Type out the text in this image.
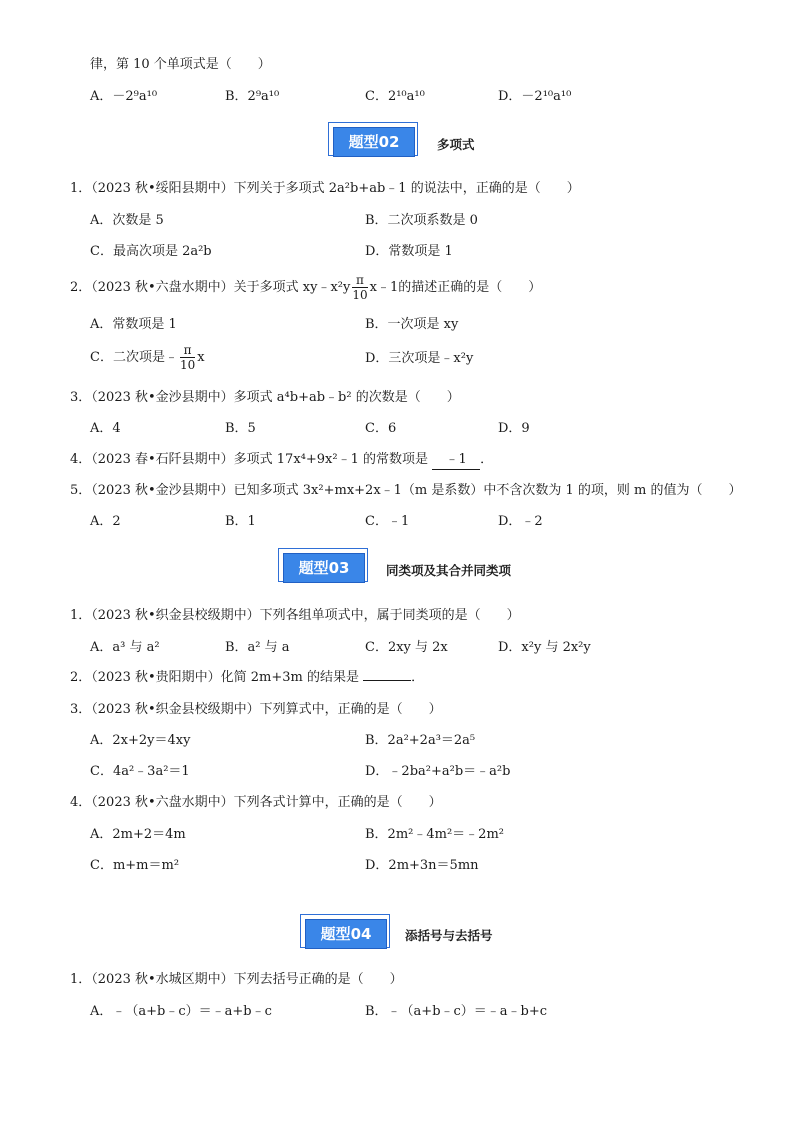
律，第 10 个单项式是（　　）
A．－2⁹a¹⁰	B．2⁹a¹⁰	C．2¹⁰a¹⁰	D．－2¹⁰a¹⁰
题型02	多项式
1．（2023 秋•绥阳县期中）下列关于多项式 2a²b+ab﹣1 的说法中，正确的是（　　）
A．次数是 5	B．二次项系数是 0
C．最高次项是 2a²b	D．常数项是 1
2．（2023 秋•六盘水期中）关于多项式 xy﹣x²y $\frac{\pi}{10}$ x﹣1的描述正确的是（　　）
A．常数项是 1	B．一次项是 xy
C．二次项是﹣ $\frac{\pi}{10}$ x	D．三次项是﹣x²y
3．（2023 秋•金沙县期中）多项式 a⁴b+ab﹣b² 的次数是（　　）
A．4	B．5	C．6	D．9
4．（2023 春•石阡县期中）多项式 17x⁴+9x²﹣1 的常数项是 ﹣1 ．
5．（2023 秋•金沙县期中）已知多项式 3x²+mx+2x﹣1（m 是系数）中不含次数为 1 的项，则 m 的值为（　　）
A．2	B．1	C．﹣1	D．﹣2
题型03	同类项及其合并同类项
1．（2023 秋•织金县校级期中）下列各组单项式中，属于同类项的是（　　）
A．a³ 与 a²	B．a² 与 a	C．2xy 与 2x	D．x²y 与 2x²y
2．（2023 秋•贵阳期中）化简 2m+3m 的结果是	．
3．（2023 秋•织金县校级期中）下列算式中，正确的是（　　）
A．2x+2y＝4xy	B．2a²+2a³＝2a⁵
C．4a²﹣3a²＝1	D．﹣2ba²+a²b＝﹣a²b
4．（2023 秋•六盘水期中）下列各式计算中，正确的是（　　）
A．2m+2＝4m	B．2m²﹣4m²＝﹣2m²
C．m+m＝m²	D．2m+3n＝5mn
题型04	添括号与去括号
1．（2023 秋•水城区期中）下列去括号正确的是（　　）
A．﹣（a+b﹣c）＝﹣a+b﹣c	B．﹣（a+b﹣c）＝﹣a﹣b+c
